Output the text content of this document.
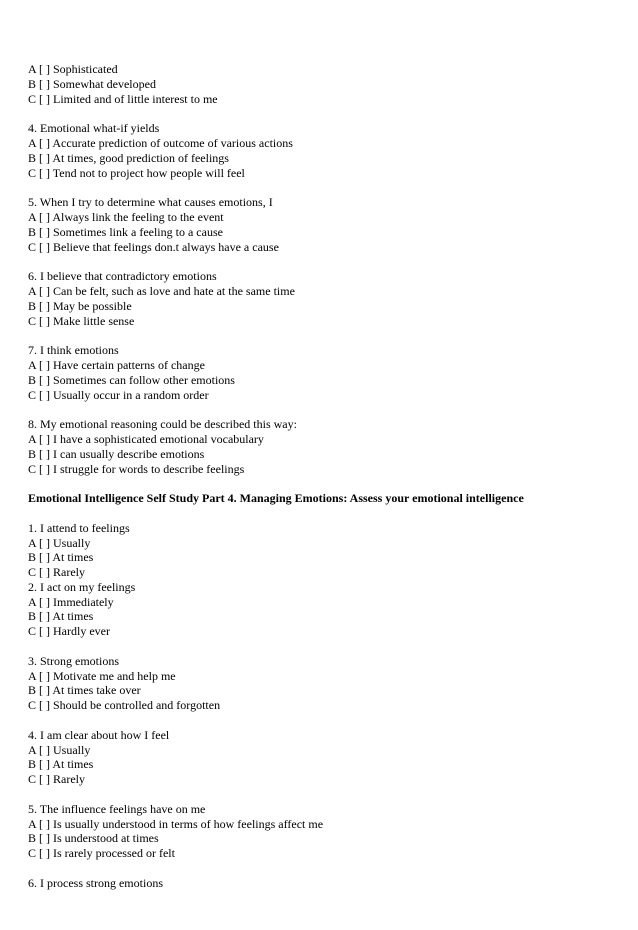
A [ ] Sophisticated

B [ ] Somewhat developed

C [ ] Limited and of little interest to me

4. Emotional what-if yields

A [ ] Accurate prediction of outcome of various actions

B [ ] At times, good prediction of feelings

C [ ] Tend not to project how people will feel

5. When I try to determine what causes emotions, I

A [ ] Always link the feeling to the event

B [ ] Sometimes link a feeling to a cause

C [ ] Believe that feelings don.t always have a cause

6. I believe that contradictory emotions

A [ ] Can be felt, such as love and hate at the same time

B [ ] May be possible

C [ ] Make little sense

7. I think emotions

A [ ] Have certain patterns of change

B [ ] Sometimes can follow other emotions

C [ ] Usually occur in a random order

8. My emotional reasoning could be described this way:

A [ ] I have a sophisticated emotional vocabulary

B [ ] I can usually describe emotions

C [ ] I struggle for words to describe feelings

Emotional Intelligence Self Study Part 4. Managing Emotions: Assess your emotional intelligence

1. I attend to feelings

A [ ] Usually

B [ ] At times

C [ ] Rarely

2. I act on my feelings

A [ ] Immediately

B [ ] At times

C [ ] Hardly ever

3. Strong emotions

A [ ] Motivate me and help me

B [ ] At times take over

C [ ] Should be controlled and forgotten

4. I am clear about how I feel

A [ ] Usually

B [ ] At times

C [ ] Rarely

5. The influence feelings have on me

A [ ] Is usually understood in terms of how feelings affect me

B [ ] Is understood at times

C [ ] Is rarely processed or felt

6. I process strong emotions
